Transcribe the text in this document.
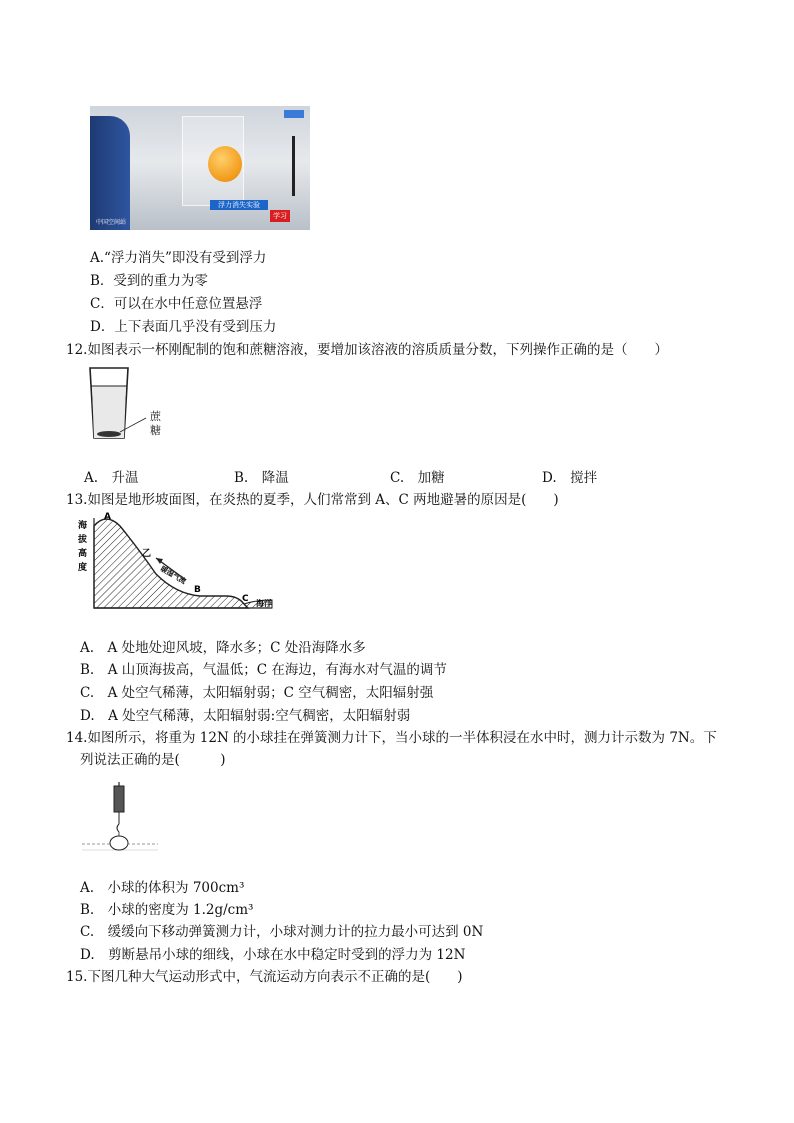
浮力消失实验
学习
中国空间站
A.“浮力消失”即没有受到浮力
B．受到的重力为零
C．可以在水中任意位置悬浮
D．上下表面几乎没有受到压力
12.如图表示一杯刚配制的饱和蔗糖溶液，要增加该溶液的溶质质量分数，下列操作正确的是（　　）
蔗
糖
A.　升温	B.　降温	C.　加糖	D.　搅拌
13.如图是地形坡面图，在炎热的夏季，人们常常到 A、C 两地避暑的原因是(　　)
海
拔
高
度
A
B
C
乙
暖湿气流
海洋
A.　A 处地处迎风坡，降水多；C 处沿海降水多
B.　A 山顶海拔高，气温低；C 在海边，有海水对气温的调节
C.　A 处空气稀薄，太阳辐射弱；C 空气稠密，太阳辐射强
D.　A 处空气稀薄，太阳辐射弱:空气稠密，太阳辐射弱
14.如图所示，将重为 12N 的小球挂在弹簧测力计下，当小球的一半体积浸在水中时，测力计示数为 7N。下
列说法正确的是(　　　)
A.　小球的体积为 700cm³
B.　小球的密度为 1.2g/cm³
C.　缓缓向下移动弹簧测力计，小球对测力计的拉力最小可达到 0N
D.　剪断悬吊小球的细线，小球在水中稳定时受到的浮力为 12N
15.下图几种大气运动形式中，气流运动方向表示不正确的是(　　)
